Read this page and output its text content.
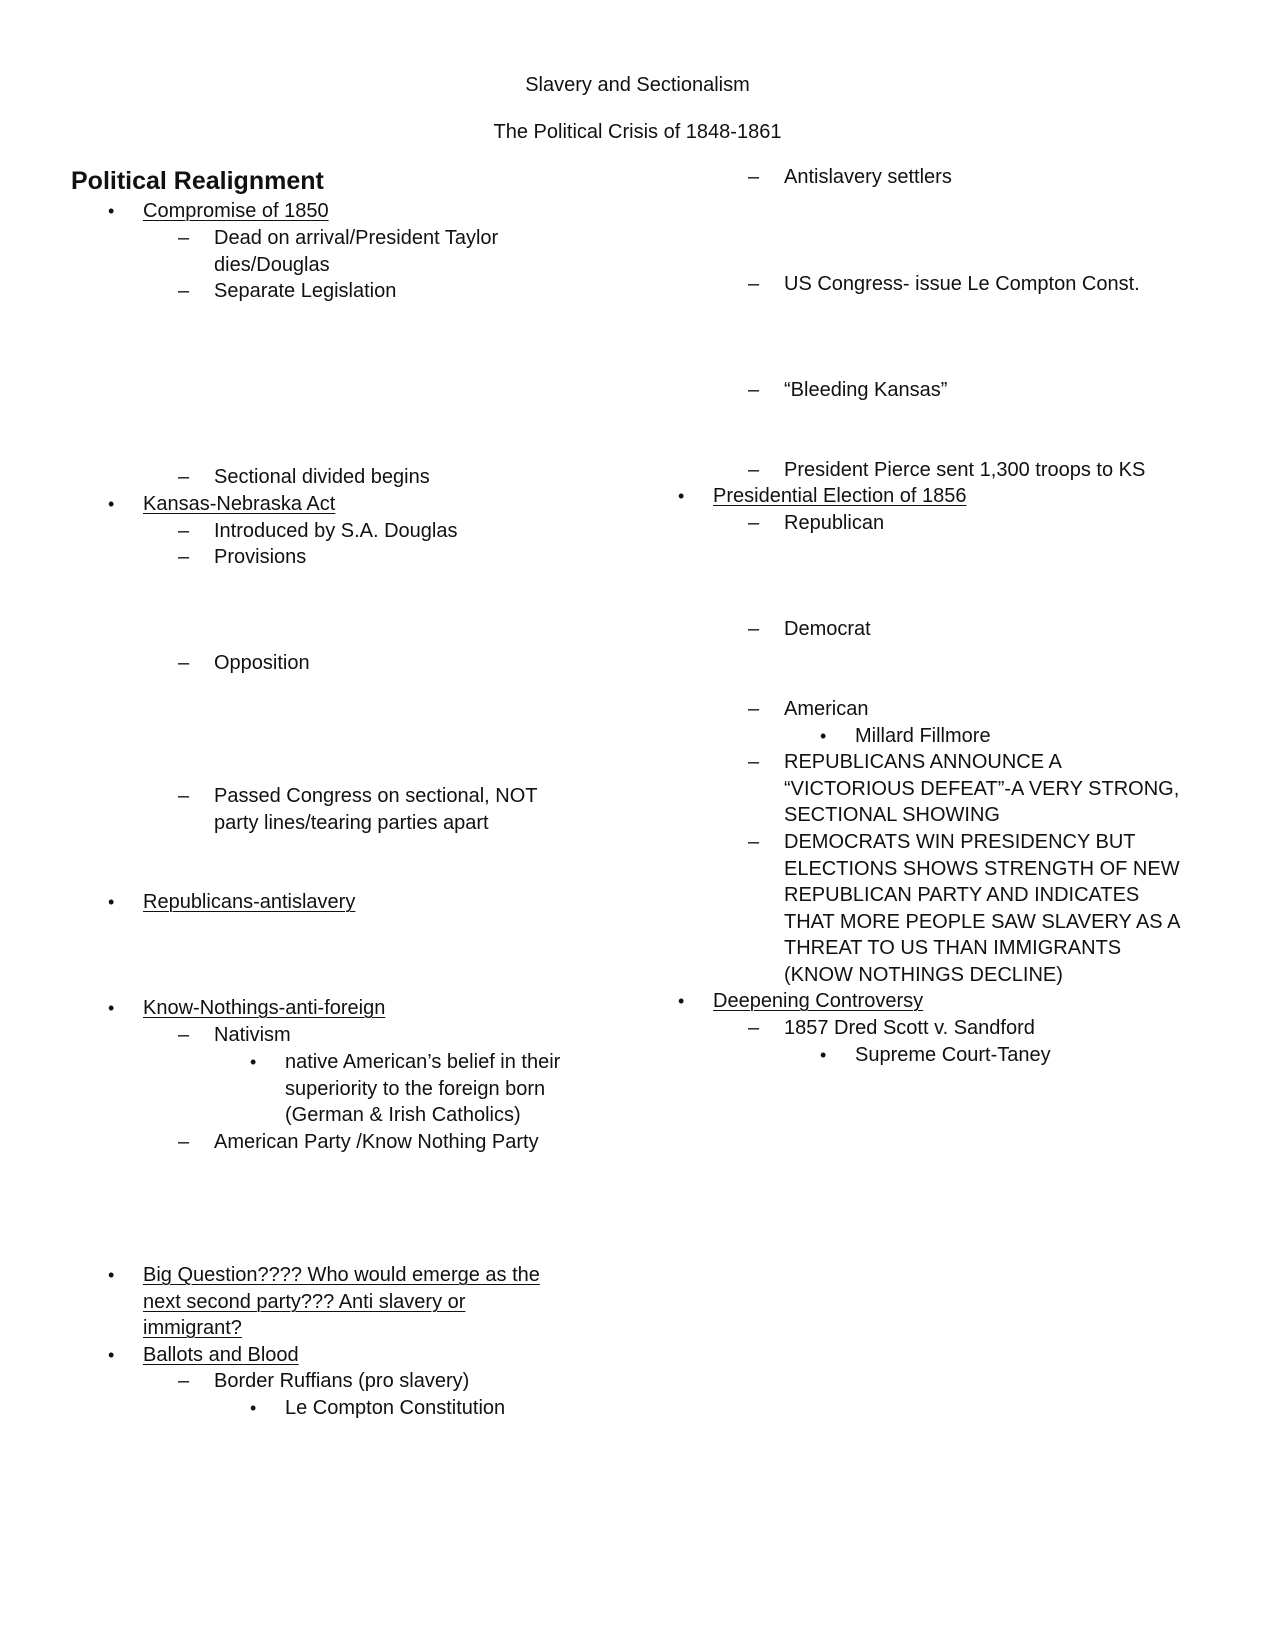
Slavery and Sectionalism
The Political Crisis of 1848-1861
Political Realignment
• Compromise of 1850
– Dead on arrival/President Taylor
dies/Douglas
– Separate Legislation
– Sectional divided begins
• Kansas-Nebraska Act
– Introduced by S.A. Douglas
– Provisions
– Opposition
– Passed Congress on sectional, NOT
party lines/tearing parties apart
• Republicans-antislavery
• Know-Nothings-anti-foreign
– Nativism
• native American’s belief in their
superiority to the foreign born
(German & Irish Catholics)
– American Party /Know Nothing Party
• Big Question???? Who would emerge as the
next second party??? Anti slavery or
immigrant?
• Ballots and Blood
– Border Ruffians (pro slavery)
• Le Compton Constitution
– Antislavery settlers
– US Congress- issue Le Compton Const.
– “Bleeding Kansas”
– President Pierce sent 1,300 troops to KS
• Presidential Election of 1856
– Republican
– Democrat
– American
• Millard Fillmore
– REPUBLICANS ANNOUNCE A
“VICTORIOUS DEFEAT”-A VERY STRONG,
SECTIONAL SHOWING
– DEMOCRATS WIN PRESIDENCY BUT
ELECTIONS SHOWS STRENGTH OF NEW
REPUBLICAN PARTY AND INDICATES
THAT MORE PEOPLE SAW SLAVERY AS A
THREAT TO US THAN IMMIGRANTS
(KNOW NOTHINGS DECLINE)
• Deepening Controversy
– 1857 Dred Scott v. Sandford
• Supreme Court-Taney
